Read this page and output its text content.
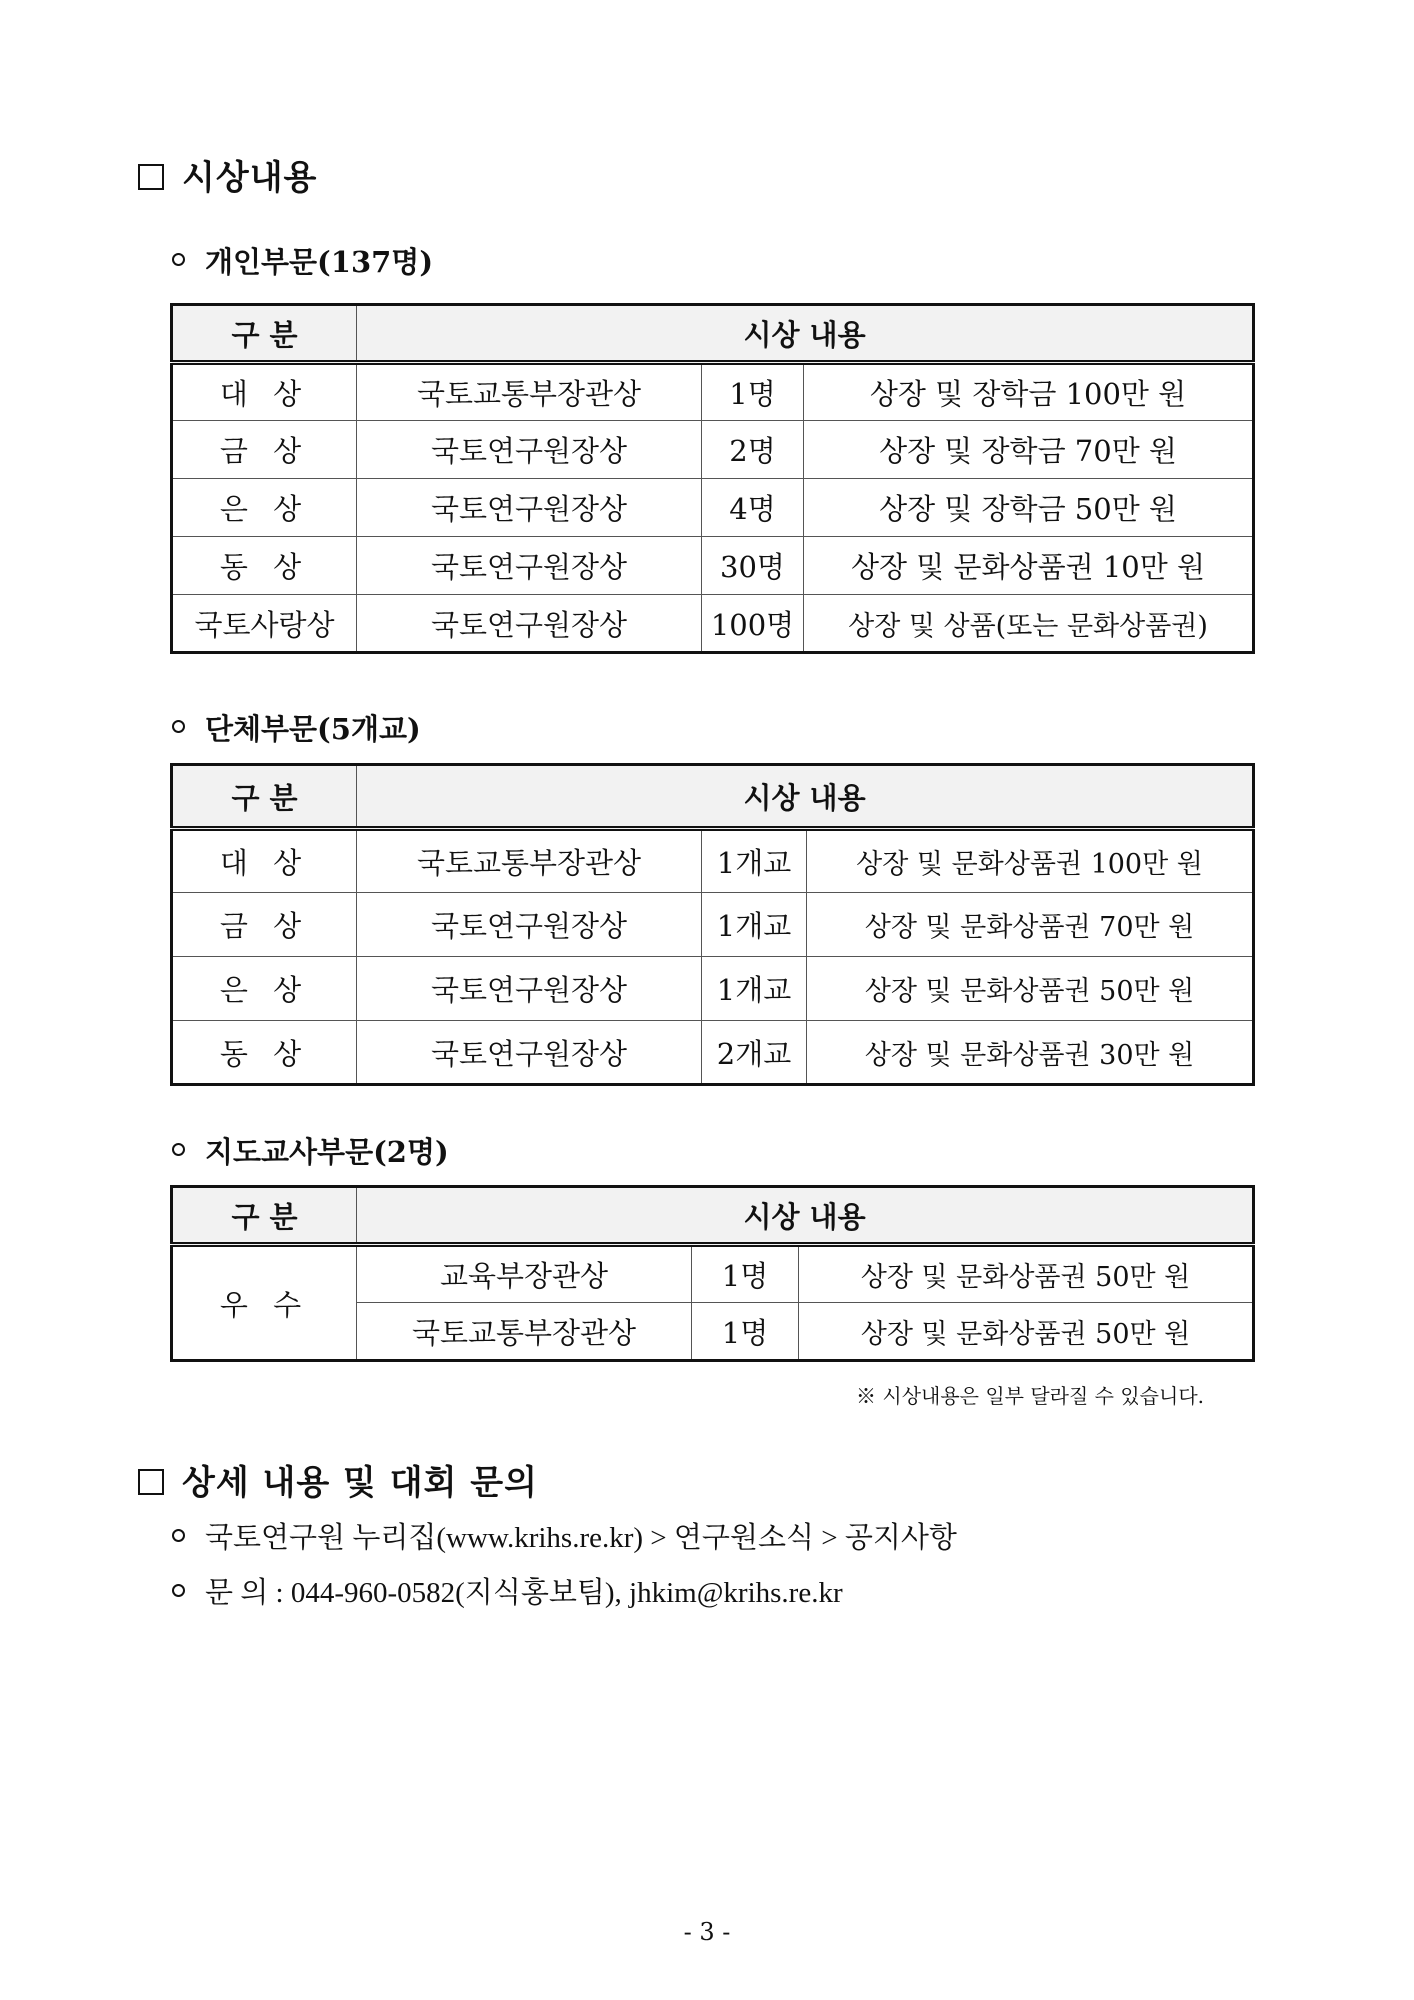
시상내용
개인부문(137명)
구 분	시상 내용		
대 상	국토교통부장관상	1명	상장 및 장학금 100만 원
금 상	국토연구원장상	2명	상장 및 장학금 70만 원
은 상	국토연구원장상	4명	상장 및 장학금 50만 원
동 상	국토연구원장상	30명	상장 및 문화상품권 10만 원
국토사랑상	국토연구원장상	100명	상장 및 상품(또는 문화상품권)
단체부문(5개교)
구 분	시상 내용		
대 상	국토교통부장관상	1개교	상장 및 문화상품권 100만 원
금 상	국토연구원장상	1개교	상장 및 문화상품권 70만 원
은 상	국토연구원장상	1개교	상장 및 문화상품권 50만 원
동 상	국토연구원장상	2개교	상장 및 문화상품권 30만 원
지도교사부문(2명)
구 분	시상 내용		
우 수	교육부장관상	1명	상장 및 문화상품권 50만 원
	국토교통부장관상	1명	상장 및 문화상품권 50만 원
※ 시상내용은 일부 달라질 수 있습니다.
상세 내용 및 대회 문의
국토연구원 누리집(www.krihs.re.kr) > 연구원소식 > 공지사항
문 의 : 044-960-0582(지식홍보팀), jhkim@krihs.re.kr
- 3 -
